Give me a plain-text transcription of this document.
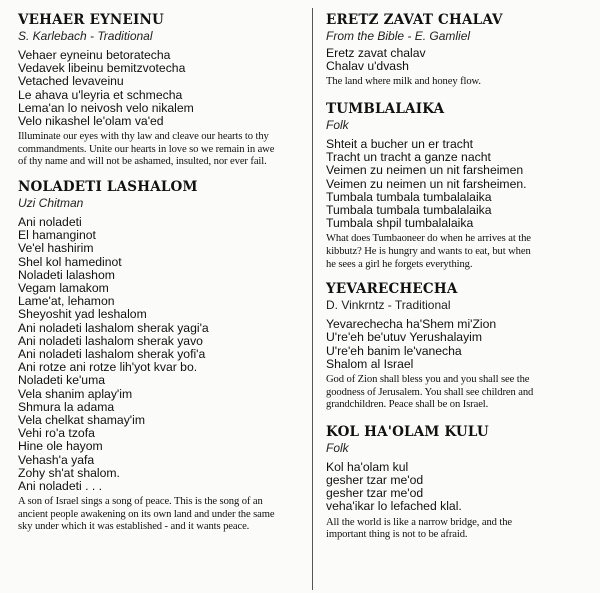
VEHAER EYNEINU

S. Karlebach - Traditional

Vehaer eyneinu betoratecha
Vedavek libeinu bemitzvotecha
Vetached levaveinu
Le ahava u'leyria et schmecha
Lema'an lo neivosh velo nikalem
Velo nikashel le'olam va'ed
Illuminate our eyes with thy law and cleave our hearts to thy
commandments. Unite our hearts in love so we remain in awe
of thy name and will not be ashamed, insulted, nor ever fail.
NOLADETI LASHALOM

Uzi Chitman

Ani noladeti
El hamanginot
Ve'el hashirim
Shel kol hamedinot
Noladeti lalashom
Vegam lamakom
Lame'at, lehamon
Sheyoshit yad leshalom
Ani noladeti lashalom sherak yagi'a
Ani noladeti lashalom sherak yavo
Ani noladeti lashalom sherak yofi'a
Ani rotze ani rotze lih'yot kvar bo.
Noladeti ke'uma
Vela shanim aplay'im
Shmura la adama
Vela chelkat shamay'im
Vehi ro'a tzofa
Hine ole hayom
Vehash'a yafa
Zohy sh'at shalom.
Ani noladeti . . .
A son of Israel sings a song of peace. This is the song of an
ancient people awakening on its own land and under the same
sky under which it was established - and it wants peace.
ERETZ ZAVAT CHALAV

From the Bible - E. Gamliel

Eretz zavat chalav
Chalav u'dvash
The land where milk and honey flow.
TUMBLALAIKA

Folk

Shteit a bucher un er tracht
Tracht un tracht a ganze nacht
Veimen zu neimen un nit farsheimen
Veimen zu neimen un nit farsheimen.
Tumbala tumbala tumbalalaika
Tumbala tumbala tumbalalaika
Tumbala shpil tumbalalaika
What does Tumbaoneer do when he arrives at the
kibbutz? He is hungry and wants to eat, but when
he sees a girl he forgets everything.
YEVARECHECHA

D. Vinkrntz - Traditional

Yevarechecha ha'Shem mi'Zion
U're'eh be'utuv Yerushalayim
U're'eh banim le'vanecha
Shalom al Israel
God of Zion shall bless you and you shall see the
goodness of Jerusalem. You shall see children and
grandchildren. Peace shall be on Israel.
KOL HA'OLAM KULU

Folk

Kol ha'olam kul
gesher tzar me'od
gesher tzar me'od
veha'ikar lo lefached klal.
All the world is like a narrow bridge, and the
important thing is not to be afraid.
